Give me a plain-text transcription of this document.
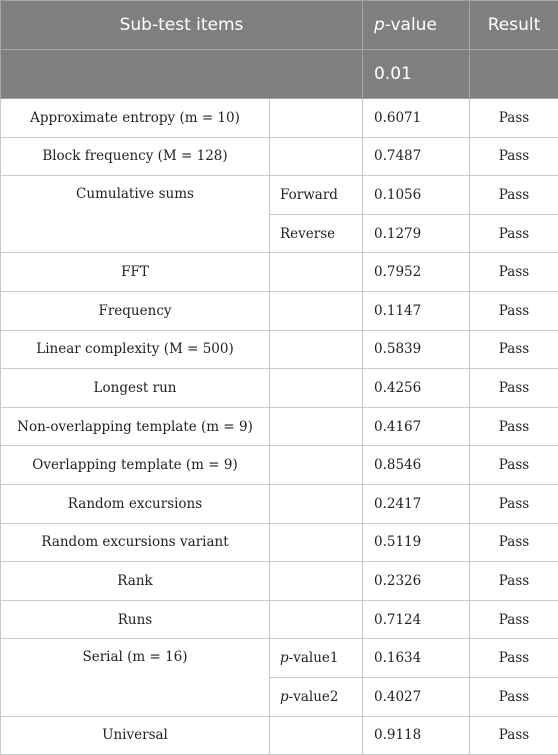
Sub-test items		p-value	Result
		0.01	
Approximate entropy (m = 10)		0.6071	Pass
Block frequency (M = 128)		0.7487	Pass
Cumulative sums	Forward	0.1056	Pass
	Reverse	0.1279	Pass
FFT		0.7952	Pass
Frequency		0.1147	Pass
Linear complexity (M = 500)		0.5839	Pass
Longest run		0.4256	Pass
Non-overlapping template (m = 9)		0.4167	Pass
Overlapping template (m = 9)		0.8546	Pass
Random excursions		0.2417	Pass
Random excursions variant		0.5119	Pass
Rank		0.2326	Pass
Runs		0.7124	Pass
Serial (m = 16)	p-value1	0.1634	Pass
	p-value2	0.4027	Pass
Universal		0.9118	Pass
